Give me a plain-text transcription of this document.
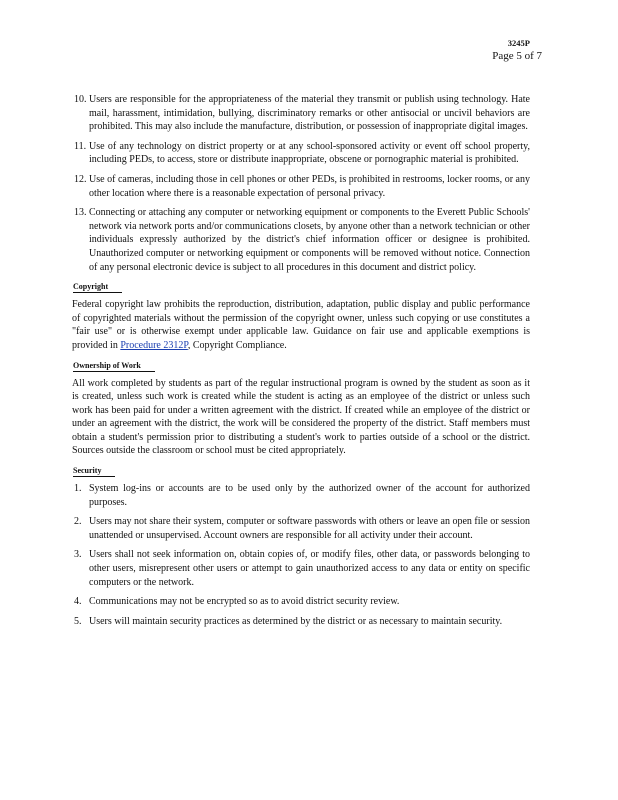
3245P
Page 5 of 7
10. Users are responsible for the appropriateness of the material they transmit or publish using technology. Hate mail, harassment, intimidation, bullying, discriminatory remarks or other antisocial or uncivil behaviors are prohibited. This may also include the manufacture, distribution, or possession of inappropriate digital images.
11. Use of any technology on district property or at any school-sponsored activity or event off school property, including PEDs, to access, store or distribute inappropriate, obscene or pornographic material is prohibited.
12. Use of cameras, including those in cell phones or other PEDs, is prohibited in restrooms, locker rooms, or any other location where there is a reasonable expectation of personal privacy.
13. Connecting or attaching any computer or networking equipment or components to the Everett Public Schools' network via network ports and/or communications closets, by anyone other than a network technician or other individuals expressly authorized by the district's chief information officer or designee is prohibited. Unauthorized computer or networking equipment or components will be removed without notice. Connection of any personal electronic device is subject to all procedures in this document and district policy.
Copyright

Federal copyright law prohibits the reproduction, distribution, adaptation, public display and public performance of copyrighted materials without the permission of the copyright owner, unless such copying or use constitutes a "fair use" or is otherwise exempt under applicable law. Guidance on fair use and applicable exemptions is provided in Procedure 2312P, Copyright Compliance.

Ownership of Work

All work completed by students as part of the regular instructional program is owned by the student as soon as it is created, unless such work is created while the student is acting as an employee of the district or unless such work has been paid for under a written agreement with the district. If created while an employee of the district or under an agreement with the district, the work will be considered the property of the district. Staff members must obtain a student's permission prior to distributing a student's work to parties outside of a school or the district. Sources outside the classroom or school must be cited appropriately.

Security
1. System log-ins or accounts are to be used only by the authorized owner of the account for authorized purposes.
2. Users may not share their system, computer or software passwords with others or leave an open file or session unattended or unsupervised. Account owners are responsible for all activity under their account.
3. Users shall not seek information on, obtain copies of, or modify files, other data, or passwords belonging to other users, misrepresent other users or attempt to gain unauthorized access to any data or entity on specific computers or the network.
4. Communications may not be encrypted so as to avoid district security review.
5. Users will maintain security practices as determined by the district or as necessary to maintain security.
